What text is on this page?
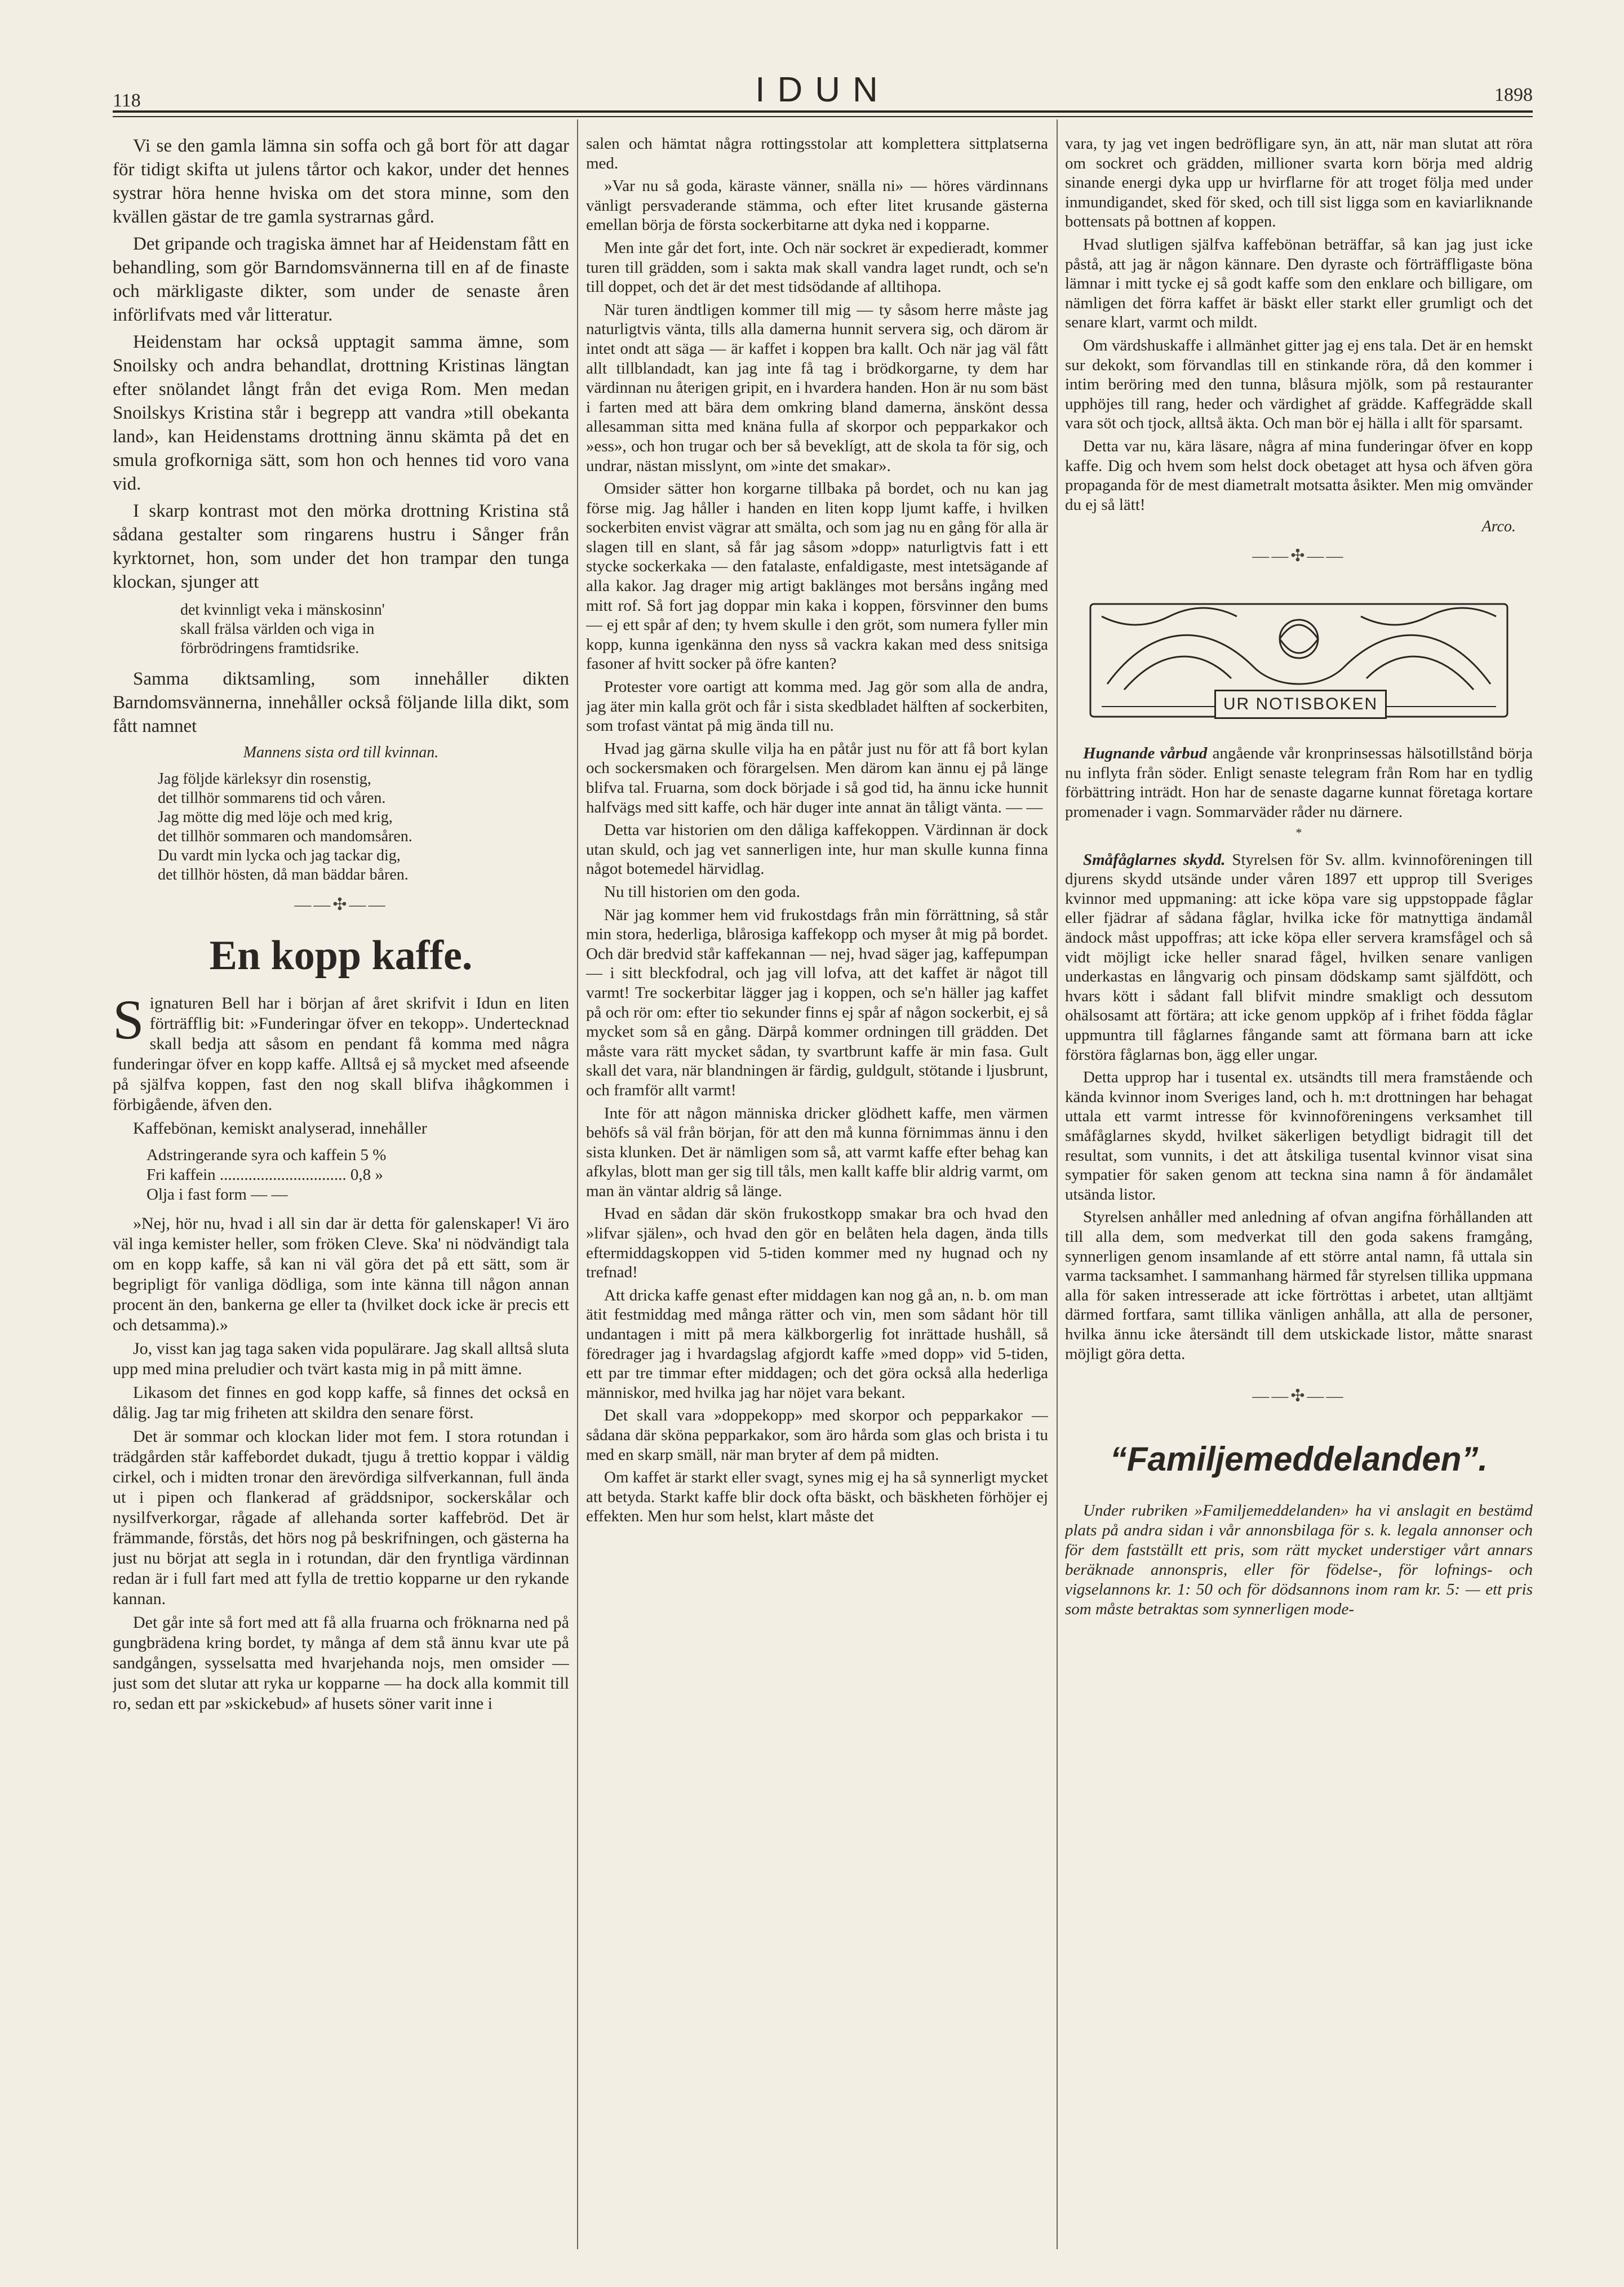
118	IDUN	1898

Vi se den gamla lämna sin soffa och gå bort för att dagar för tidigt skifta ut julens tårtor och kakor, under det hennes systrar höra henne hviska om det stora minne, som den kvällen gästar de tre gamla systrarnas gård.

Det gripande och tragiska ämnet har af Heidenstam fått en behandling, som gör Barndomsvännerna till en af de finaste och märkligaste dikter, som under de senaste åren införlifvats med vår litteratur.

Heidenstam har också upptagit samma ämne, som Snoilsky och andra behandlat, drottning Kristinas längtan efter snölandet långt från det eviga Rom. Men medan Snoilskys Kristina står i begrepp att vandra »till obekanta land», kan Heidenstams drottning ännu skämta på det en smula grofkorniga sätt, som hon och hennes tid voro vana vid.

I skarp kontrast mot den mörka drottning Kristina stå sådana gestalter som ringarens hustru i Sånger från kyrktornet, hon, som under det hon trampar den tunga klockan, sjunger att

det kvinnligt veka i mänskosinn'
skall frälsa världen och viga in
förbrödringens framtidsrike.

Samma diktsamling, som innehåller dikten Barndomsvännerna, innehåller också följande lilla dikt, som fått namnet

Mannens sista ord till kvinnan.
Jag följde kärleksyr din rosenstig,
det tillhör sommarens tid och våren.
Jag mötte dig med löje och med krig,
det tillhör sommaren och mandomsåren.
Du vardt min lycka och jag tackar dig,
det tillhör hösten, då man bäddar båren.
——✣——
En kopp kaffe.

Signaturen Bell har i början af året skrifvit i Idun en liten förträfflig bit: »Funderingar öfver en tekopp». Undertecknad skall bedja att såsom en pendant få komma med några funderingar öfver en kopp kaffe. Alltså ej så mycket med afseende på själfva koppen, fast den nog skall blifva ihågkommen i förbigående, äfven den.

Kaffebönan, kemiskt analyserad, innehåller

Adstringerande syra och kaffein 5 %
Fri kaffein ............................... 0,8 »
Olja i fast form — —

»Nej, hör nu, hvad i all sin dar är detta för galenskaper! Vi äro väl inga kemister heller, som fröken Cleve. Ska' ni nödvändigt tala om en kopp kaffe, så kan ni väl göra det på ett sätt, som är begripligt för vanliga dödliga, som inte känna till någon annan procent än den, bankerna ge eller ta (hvilket dock icke är precis ett och detsamma).»

Jo, visst kan jag taga saken vida populärare. Jag skall alltså sluta upp med mina preludier och tvärt kasta mig in på mitt ämne.

Likasom det finnes en god kopp kaffe, så finnes det också en dålig. Jag tar mig friheten att skildra den senare först.

Det är sommar och klockan lider mot fem. I stora rotundan i trädgården står kaffebordet dukadt, tjugu å trettio koppar i väldig cirkel, och i midten tronar den ärevördiga silfverkannan, full ända ut i pipen och flankerad af gräddsnipor, sockerskålar och nysilfverkorgar, rågade af allehanda sorter kaffebröd. Det är främmande, förstås, det hörs nog på beskrifningen, och gästerna ha just nu börjat att segla in i rotundan, där den fryntliga värdinnan redan är i full fart med att fylla de trettio kopparne ur den rykande kannan.

Det går inte så fort med att få alla fruarna och fröknarna ned på gungbrädena kring bordet, ty många af dem stå ännu kvar ute på sandgången, sysselsatta med hvarjehanda nojs, men omsider — just som det slutar att ryka ur kopparne — ha dock alla kommit till ro, sedan ett par »skickebud» af husets söner varit inne i

salen och hämtat några rottingsstolar att komplettera sittplatserna med.

»Var nu så goda, käraste vänner, snälla ni» — höres värdinnans vänligt persvaderande stämma, och efter litet krusande gästerna emellan börja de första sockerbitarne att dyka ned i kopparne.

Men inte går det fort, inte. Och när sockret är expedieradt, kommer turen till grädden, som i sakta mak skall vandra laget rundt, och se'n till doppet, och det är det mest tidsödande af alltihopa.

När turen ändtligen kommer till mig — ty såsom herre måste jag naturligtvis vänta, tills alla damerna hunnit servera sig, och därom är intet ondt att säga — är kaffet i koppen bra kallt. Och när jag väl fått allt tillblandadt, kan jag inte få tag i brödkorgarne, ty dem har värdinnan nu återigen gripit, en i hvardera handen. Hon är nu som bäst i farten med att bära dem omkring bland damerna, änskönt dessa allesamman sitta med knäna fulla af skorpor och pepparkakor och »ess», och hon trugar och ber så beveklígt, att de skola ta för sig, och undrar, nästan misslynt, om »inte det smakar».

Omsider sätter hon korgarne tillbaka på bordet, och nu kan jag förse mig. Jag håller i handen en liten kopp ljumt kaffe, i hvilken sockerbiten envist vägrar att smälta, och som jag nu en gång för alla är slagen till en slant, så får jag såsom »dopp» naturligtvis fatt i ett stycke sockerkaka — den fatalaste, enfaldigaste, mest intetsägande af alla kakor. Jag drager mig artigt baklänges mot bersåns ingång med mitt rof. Så fort jag doppar min kaka i koppen, försvinner den bums — ej ett spår af den; ty hvem skulle i den gröt, som numera fyller min kopp, kunna igenkänna den nyss så vackra kakan med dess snitsiga fasoner af hvitt socker på öfre kanten?

Protester vore oartigt att komma med. Jag gör som alla de andra, jag äter min kalla gröt och får i sista skedbladet hälften af sockerbiten, som trofast väntat på mig ända till nu.

Hvad jag gärna skulle vilja ha en påtår just nu för att få bort kylan och sockersmaken och förargelsen. Men därom kan ännu ej på länge blifva tal. Fruarna, som dock började i så god tid, ha ännu icke hunnit halfvägs med sitt kaffe, och här duger inte annat än tåligt vänta. — —

Detta var historien om den dåliga kaffekoppen. Värdinnan är dock utan skuld, och jag vet sannerligen inte, hur man skulle kunna finna något botemedel härvidlag.

Nu till historien om den goda.

När jag kommer hem vid frukostdags från min förrättning, så står min stora, hederliga, blårosiga kaffekopp och myser åt mig på bordet. Och där bredvid står kaffekannan — nej, hvad säger jag, kaffepumpan — i sitt bleckfodral, och jag vill lofva, att det kaffet är något till varmt! Tre sockerbitar lägger jag i koppen, och se'n häller jag kaffet på och rör om: efter tio sekunder finns ej spår af någon sockerbit, ej så mycket som så en gång. Därpå kommer ordningen till grädden. Det måste vara rätt mycket sådan, ty svartbrunt kaffe är min fasa. Gult skall det vara, när blandningen är färdig, guldgult, stötande i ljusbrunt, och framför allt varmt!

Inte för att någon människa dricker glödhett kaffe, men värmen behöfs så väl från början, för att den må kunna förnimmas ännu i den sista klunken. Det är nämligen som så, att varmt kaffe efter behag kan afkylas, blott man ger sig till tåls, men kallt kaffe blir aldrig varmt, om man än väntar aldrig så länge.

Hvad en sådan där skön frukostkopp smakar bra och hvad den »lifvar själen», och hvad den gör en belåten hela dagen, ända tills eftermiddagskoppen vid 5-tiden kommer med ny hugnad och ny trefnad!

Att dricka kaffe genast efter middagen kan nog gå an, n. b. om man ätit festmiddag med många rätter och vin, men som sådant hör till undantagen i mitt på mera kälkborgerlig fot inrättade hushåll, så föredrager jag i hvardagslag afgjordt kaffe »med dopp» vid 5-tiden, ett par tre timmar efter middagen; och det göra också alla hederliga människor, med hvilka jag har nöjet vara bekant.

Det skall vara »doppekopp» med skorpor och pepparkakor — sådana där sköna pepparkakor, som äro hårda som glas och brista i tu med en skarp smäll, när man bryter af dem på midten.

Om kaffet är starkt eller svagt, synes mig ej ha så synnerligt mycket att betyda. Starkt kaffe blir dock ofta bäskt, och bäskheten förhöjer ej effekten. Men hur som helst, klart måste det

vara, ty jag vet ingen bedröfligare syn, än att, när man slutat att röra om sockret och grädden, millioner svarta korn börja med aldrig sinande energi dyka upp ur hvirflarne för att troget följa med under inmundigandet, sked för sked, och till sist ligga som en kaviarliknande bottensats på bottnen af koppen.

Hvad slutligen själfva kaffebönan beträffar, så kan jag just icke påstå, att jag är någon kännare. Den dyraste och förträffligaste böna lämnar i mitt tycke ej så godt kaffe som den enklare och billigare, om nämligen det förra kaffet är bäskt eller starkt eller grumligt och det senare klart, varmt och mildt.

Om värdshuskaffe i allmänhet gitter jag ej ens tala. Det är en hemskt sur dekokt, som förvandlas till en stinkande röra, då den kommer i intim beröring med den tunna, blåsura mjölk, som på restauranter upphöjes till rang, heder och värdighet af grädde. Kaffegrädde skall vara söt och tjock, alltså äkta. Och man bör ej hälla i allt för sparsamt.

Detta var nu, kära läsare, några af mina funderingar öfver en kopp kaffe. Dig och hvem som helst dock obetaget att hysa och äfven göra propaganda för de mest diametralt motsatta åsikter. Men mig omvänder du ej så lätt!

Arco.
——✣——
UR NOTISBOKEN

Hugnande vårbud angående vår kronprinsessas hälsotillstånd börja nu inflyta från söder. Enligt senaste telegram från Rom har en tydlig förbättring inträdt. Hon har de senaste dagarne kunnat företaga kortare promenader i vagn. Sommarväder råder nu därnere.

*

Småfåglarnes skydd. Styrelsen för Sv. allm. kvinnoföreningen till djurens skydd utsände under våren 1897 ett upprop till Sveriges kvinnor med uppmaning: att icke köpa vare sig uppstoppade fåglar eller fjädrar af sådana fåglar, hvilka icke för matnyttiga ändamål ändock måst uppoffras; att icke köpa eller servera kramsfågel och så vidt möjligt icke heller snarad fågel, hvilken senare vanligen underkastas en långvarig och pinsam dödskamp samt själfdött, och hvars kött i sådant fall blifvit mindre smakligt och dessutom ohälsosamt att förtära; att icke genom uppköp af i frihet födda fåglar uppmuntra till fåglarnes fångande samt att förmana barn att icke förstöra fåglarnas bon, ägg eller ungar.

Detta upprop har i tusental ex. utsändts till mera framstående och kända kvinnor inom Sveriges land, och h. m:t drottningen har behagat uttala ett varmt intresse för kvinnoföreningens verksamhet till småfåglarnes skydd, hvilket säkerligen betydligt bidragit till det resultat, som vunnits, i det att åtskiliga tusental kvinnor visat sina sympatier för saken genom att teckna sina namn å för ändamålet utsända listor.

Styrelsen anhåller med anledning af ofvan angifna förhållanden att till alla dem, som medverkat till den goda sakens framgång, synnerligen genom insamlande af ett större antal namn, få uttala sin varma tacksamhet. I sammanhang härmed får styrelsen tillika uppmana alla för saken intresserade att icke förtröttas i arbetet, utan alltjämt därmed fortfara, samt tillika vänligen anhålla, att alla de personer, hvilka ännu icke återsändt till dem utskickade listor, måtte snarast möjligt göra detta.

——✣——
“Familjemeddelanden”.

Under rubriken »Familjemeddelanden» ha vi anslagit en bestämd plats på andra sidan i vår annonsbilaga för s. k. legala annonser och för dem fastställt ett pris, som rätt mycket understiger vårt annars beräknade annonspris, eller för födelse-, för lofnings- och vigselannons kr. 1: 50 och för dödsannons inom ram kr. 5: — ett pris som måste betraktas som synnerligen mode-
